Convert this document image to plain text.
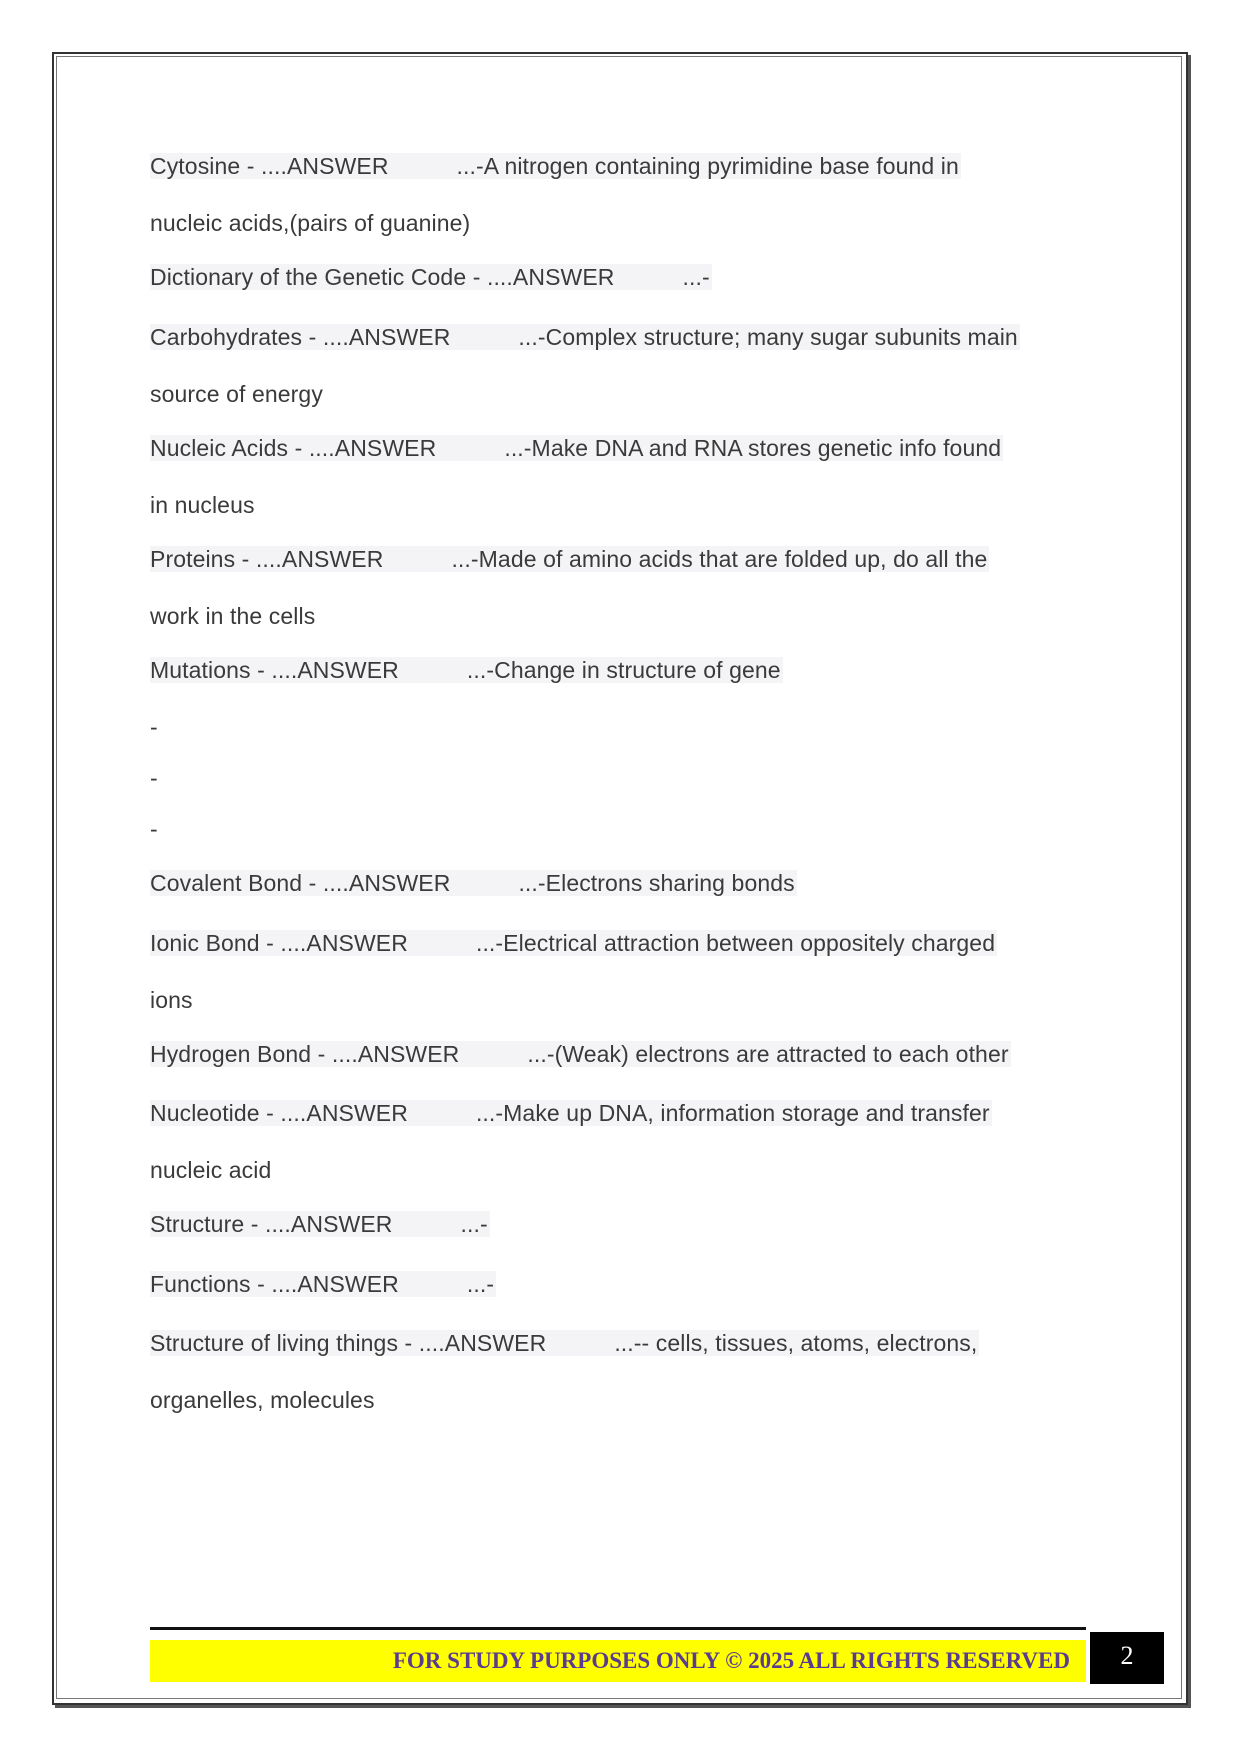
Cytosine - ....ANSWER	...-A nitrogen containing pyrimidine base found in
nucleic acids,(pairs of guanine)
Dictionary of the Genetic Code - ....ANSWER	...-
Carbohydrates - ....ANSWER	...-Complex structure; many sugar subunits main
source of energy
Nucleic Acids - ....ANSWER	...-Make DNA and RNA stores genetic info found
in nucleus
Proteins - ....ANSWER	...-Made of amino acids that are folded up, do all the
work in the cells
Mutations - ....ANSWER	...-Change in structure of gene
-
-
-
Covalent Bond - ....ANSWER	...-Electrons sharing bonds
Ionic Bond - ....ANSWER	...-Electrical attraction between oppositely charged
ions
Hydrogen Bond - ....ANSWER	...-(Weak) electrons are attracted to each other
Nucleotide - ....ANSWER	...-Make up DNA, information storage and transfer
nucleic acid
Structure - ....ANSWER	...-
Functions - ....ANSWER	...-
Structure of living things - ....ANSWER	...-- cells, tissues, atoms, electrons,
organelles, molecules
FOR STUDY PURPOSES ONLY © 2025 ALL RIGHTS RESERVED	2
